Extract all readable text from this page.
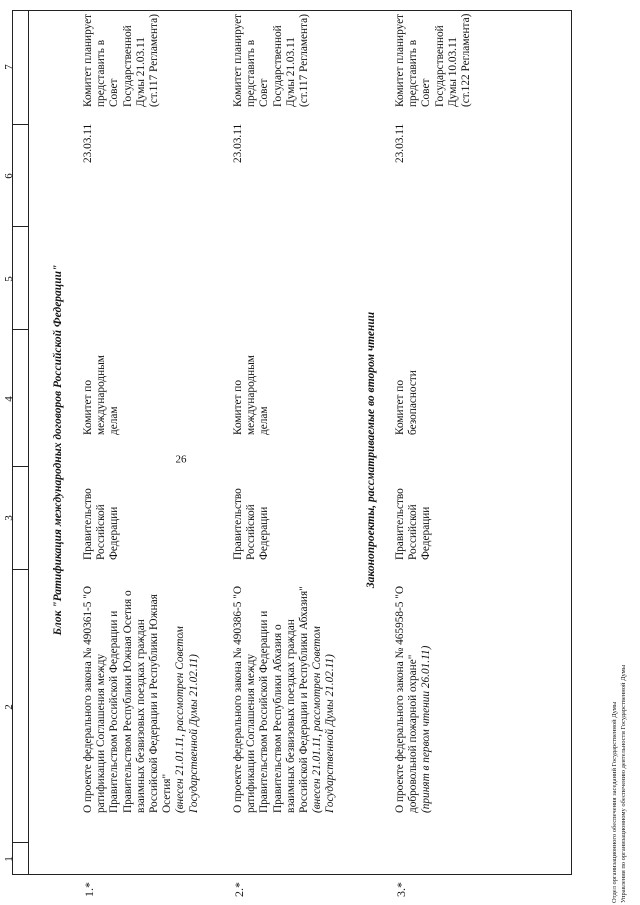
26
1
2
3
4
5
6
7
Блок "Ратификация международных договоров Российской Федерации"
1.*
О проекте федерального закона № 490361-5 "О ратификации Соглашения между Правительством Российской Федерации и Правительством Республики Южная Осетия о взаимных безвизовых поездках граждан Российской Федерации и Республики Южная Осетия" (внесен 21.01.11, рассмотрен Советом Государственной Думы 21.02.11)
Правительство Российской Федерации
Комитет по международным делам
23.03.11
Комитет планирует представить в Совет Государственной Думы 21.03.11 (ст.117 Регламента)
2.*
О проекте федерального закона № 490386-5 "О ратификации Соглашения между Правительством Российской Федерации и Правительством Республики Абхазия о взаимных безвизовых поездках граждан Российской Федерации и Республики Абхазия" (внесен 21.01.11, рассмотрен Советом Государственной Думы 21.02.11)
Правительство Российской Федерации
Комитет по международным делам
23.03.11
Комитет планирует представить в Совет Государственной Думы 21.03.11 (ст.117 Регламента)
Законопроекты, рассматриваемые во втором чтении
3.*
О проекте федерального закона № 465958-5 "О добровольной пожарной охране" (принят в первом чтении 26.01.11)
Правительство Российской Федерации
Комитет по безопасности
23.03.11
Комитет планирует представить в Совет Государственной Думы 10.03.11 (ст.122 Регламента)
Отдел организационного обеспечения заседаний Государственной Думы Управления по организационному обеспечению деятельности Государственной Думы
